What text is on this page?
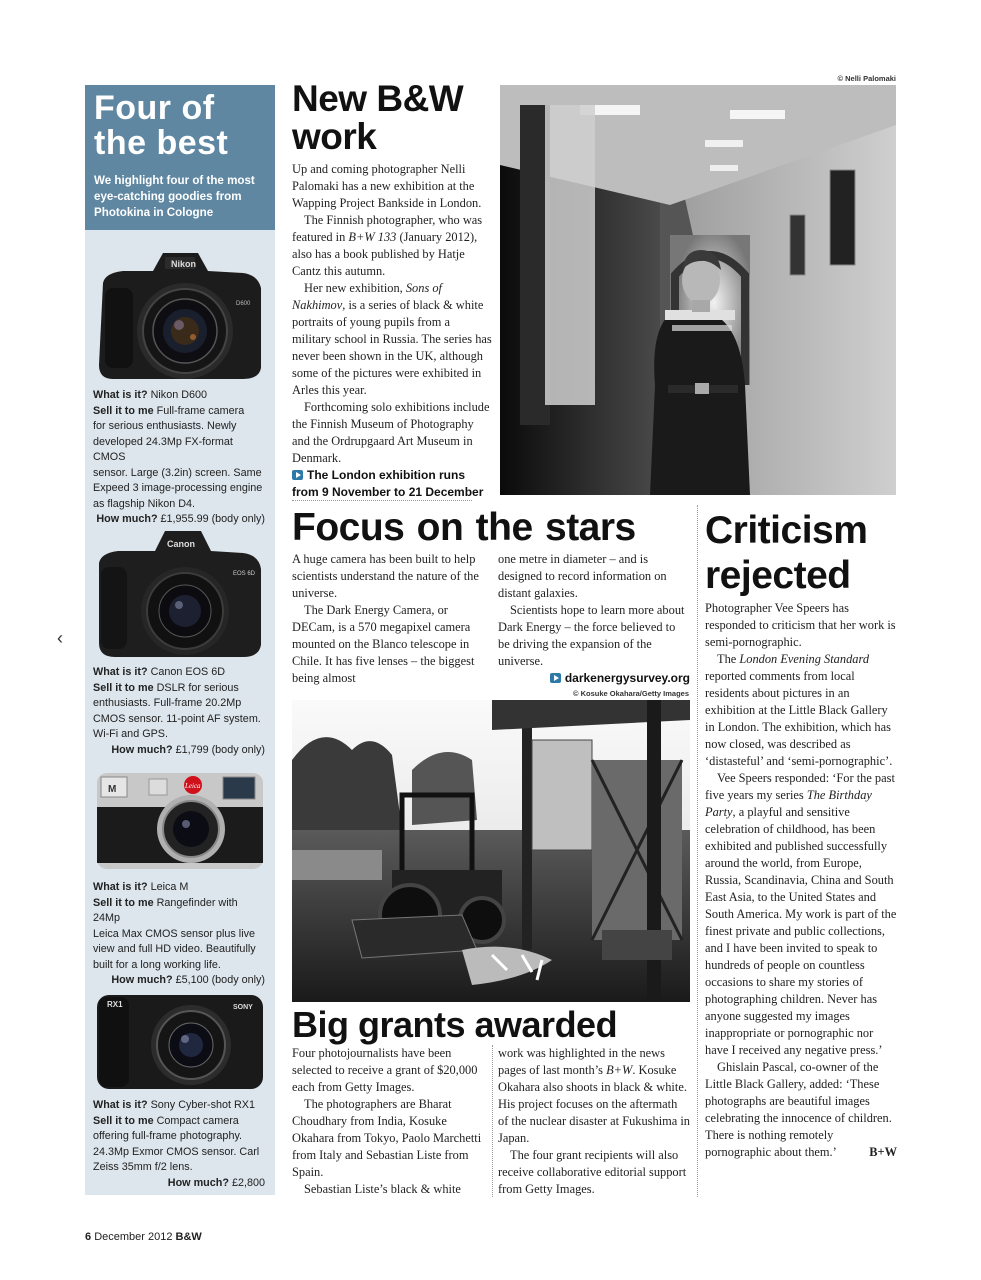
© Nelli Palomaki
‹
Four of
the best
We highlight four of the most eye-catching goodies from Photokina in Cologne
Nikon
D600
What is it? Nikon D600
Sell it to me Full-frame camera
for serious enthusiasts. Newly
developed 24.3Mp FX-format CMOS
sensor. Large (3.2in) screen. Same
Expeed 3 image-processing engine
as flagship Nikon D4.
How much? £1,955.99 (body only)
Canon
EOS 6D
What is it? Canon EOS 6D
Sell it to me DSLR for serious
enthusiasts. Full-frame 20.2Mp
CMOS sensor. 11-point AF system.
Wi-Fi and GPS.
How much? £1,799 (body only)
M	Leica
What is it? Leica M
Sell it to me Rangefinder with 24Mp
Leica Max CMOS sensor plus live
view and full HD video. Beautifully
built for a long working life.
How much? £5,100 (body only)
RX1	SONY
What is it? Sony Cyber-shot RX1
Sell it to me Compact camera
offering full-frame photography.
24.3Mp Exmor CMOS sensor. Carl
Zeiss 35mm f/2 lens.
How much? £2,800
New B&W
work

Up and coming photographer Nelli Palomaki has a new exhibition at the Wapping Project Bankside in London.

The Finnish photographer, who was featured in B+W 133 (January 2012), also has a book published by Hatje Cantz this autumn.

Her new exhibition, Sons of Nakhimov, is a series of black & white portraits of young pupils from a military school in Russia. The series has never been shown in the UK, although some of the pictures were exhibited in Arles this year.

Forthcoming solo exhibitions include the Finnish Museum of Photography and the Ordrupgaard Art Museum in Denmark.

The London exhibition runs from 9 November to 21 December
Focus on the stars

A huge camera has been built to help scientists understand the nature of the universe.

The Dark Energy Camera, or DECam, is a 570 megapixel camera mounted on the Blanco telescope in Chile. It has five lenses – the biggest being almost

one metre in diameter – and is designed to record information on distant galaxies.

Scientists hope to learn more about Dark Energy – the force believed to be driving the expansion of the universe.

darkenergysurvey.org
© Kosuke Okahara/Getty Images
Big grants awarded

Four photojournalists have been selected to receive a grant of $20,000 each from Getty Images.

The photographers are Bharat Choudhary from India, Kosuke Okahara from Tokyo, Paolo Marchetti from Italy and Sebastian Liste from Spain.

Sebastian Liste’s black & white

work was highlighted in the news pages of last month’s B+W. Kosuke Okahara also shoots in black & white. His project focuses on the aftermath of the nuclear disaster at Fukushima in Japan.

The four grant recipients will also receive collaborative editorial support from Getty Images.

Criticism
rejected

Photographer Vee Speers has responded to criticism that her work is semi-pornographic.

The London Evening Standard reported comments from local residents about pictures in an exhibition at the Little Black Gallery in London. The exhibition, which has now closed, was described as ‘distasteful’ and ‘semi-pornographic’.

Vee Speers responded: ‘For the past five years my series The Birthday Party, a playful and sensitive celebration of childhood, has been exhibited and published successfully around the world, from Europe, Russia, Scandinavia, China and South East Asia, to the United States and South America. My work is part of the finest private and public collections, and I have been invited to speak to hundreds of people on countless occasions to share my stories of photographing children. Never has anyone suggested my images inappropriate or pornographic nor have I received any negative press.’

Ghislain Pascal, co-owner of the Little Black Gallery, added: ‘These photographs are beautiful images celebrating the innocence of children. There is nothing remotely pornographic about them.’	B+W

6 December 2012 B&W
